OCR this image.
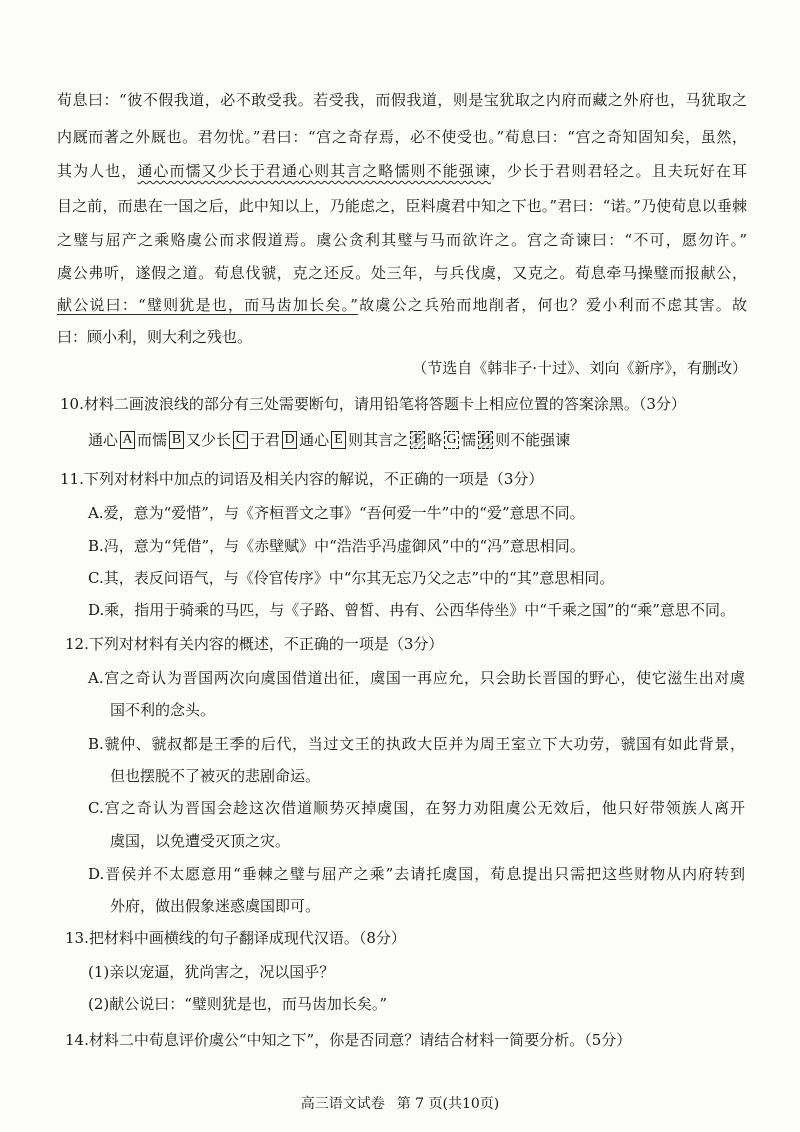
荀息曰：“彼不假我道，必不敢受我。若受我，而假我道，则是宝犹取之内府而藏之外府也，马犹取之
内厩而著之外厩也。君勿忧。”君曰：“宫之奇存焉，必不使受也。”荀息曰：“宫之奇知固知矣，虽然，
其为人也，通心而懦又少长于君通心则其言之略懦则不能强谏，少长于君则君轻之。且夫玩好在耳
目之前，而患在一国之后，此中知以上，乃能虑之，臣料虞君中知之下也。”君曰：“诺。”乃使荀息以垂棘
之璧与屈产之乘赂虞公而求假道焉。虞公贪利其璧与马而欲许之。宫之奇谏曰：“不可，愿勿许。”
虞公弗听，遂假之道。荀息伐虢，克之还反。处三年，与兵伐虞，又克之。荀息牵马操璧而报献公，
献公说曰：“璧则犹是也，而马齿加长矣。”故虞公之兵殆而地削者，何也？爱小利而不虑其害。故
曰：顾小利，则大利之残也。
（节选自《韩非子·十过》、刘向《新序》，有删改）
10.材料二画波浪线的部分有三处需要断句，请用铅笔将答题卡上相应位置的答案涂黑。（3分）
通心 A 而懦 B 又少长 C 于君 D 通心 E 则其言之 F 略 G 懦 H 则不能强谏
11.下列对材料中加点的词语及相关内容的解说，不正确的一项是（3分）
A.爱，意为“爱惜”，与《齐桓晋文之事》“吾何爱一牛”中的“爱”意思不同。
B.冯，意为“凭借”，与《赤壁赋》中“浩浩乎冯虚御风”中的“冯”意思相同。
C.其，表反问语气，与《伶官传序》中“尔其无忘乃父之志”中的“其”意思相同。
D.乘，指用于骑乘的马匹，与《子路、曾皙、冉有、公西华侍坐》中“千乘之国”的“乘”意思不同。
12.下列对材料有关内容的概述，不正确的一项是（3分）
A.宫之奇认为晋国两次向虞国借道出征，虞国一再应允，只会助长晋国的野心，使它滋生出对虞
国不利的念头。
B.虢仲、虢叔都是王季的后代，当过文王的执政大臣并为周王室立下大功劳，虢国有如此背景，
但也摆脱不了被灭的悲剧命运。
C.宫之奇认为晋国会趁这次借道顺势灭掉虞国，在努力劝阻虞公无效后，他只好带领族人离开
虞国，以免遭受灭顶之灾。
D.晋侯并不太愿意用“垂棘之璧与屈产之乘”去请托虞国，荀息提出只需把这些财物从内府转到
外府，做出假象迷惑虞国即可。
13.把材料中画横线的句子翻译成现代汉语。（8分）
(1)亲以宠逼，犹尚害之，况以国乎？
(2)献公说曰：“璧则犹是也，而马齿加长矣。”
14.材料二中荀息评价虞公“中知之下”，你是否同意？请结合材料一简要分析。（5分）
高三语文试卷 第 7 页(共10页)
